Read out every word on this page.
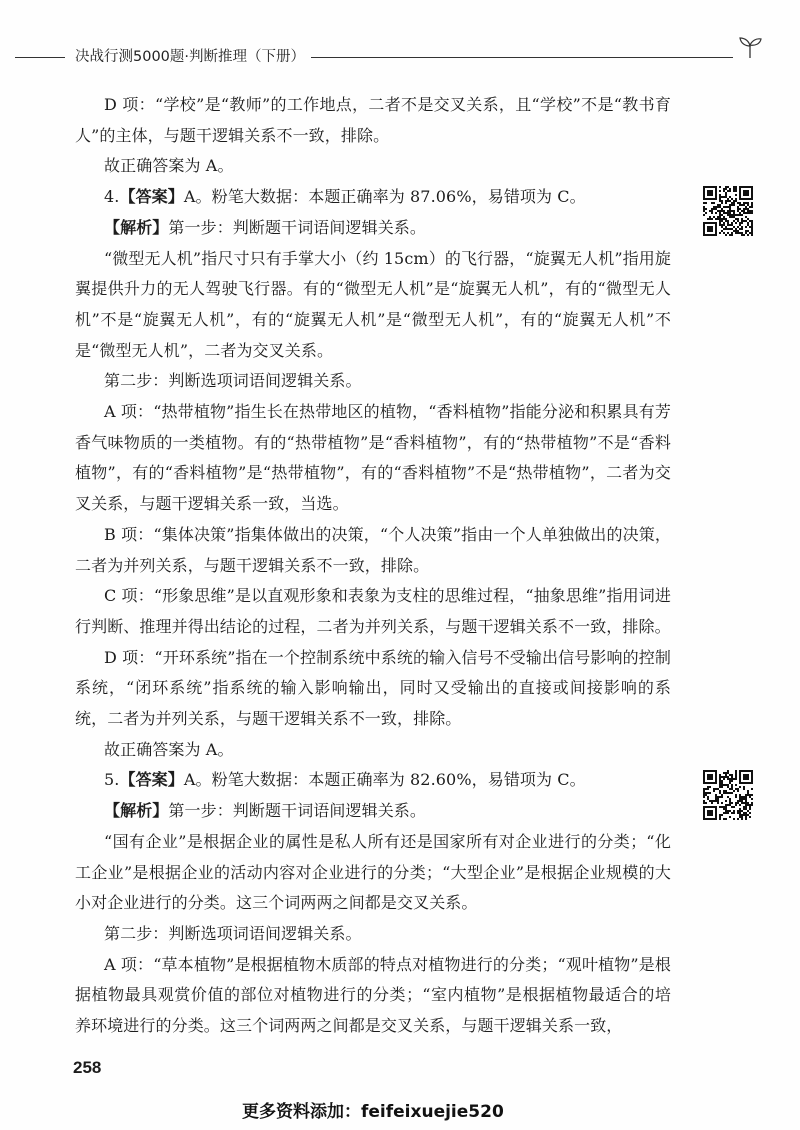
决战行测5000题·判断推理（下册）

D 项：“学校”是“教师”的工作地点，二者不是交叉关系，且“学校”不是“教书育人”的主体，与题干逻辑关系不一致，排除。

故正确答案为 A。

4.【答案】A。粉笔大数据：本题正确率为 87.06%，易错项为 C。

【解析】第一步：判断题干词语间逻辑关系。

“微型无人机”指尺寸只有手掌大小（约 15cm）的飞行器，“旋翼无人机”指用旋翼提供升力的无人驾驶飞行器。有的“微型无人机”是“旋翼无人机”，有的“微型无人机”不是“旋翼无人机”，有的“旋翼无人机”是“微型无人机”，有的“旋翼无人机”不是“微型无人机”，二者为交叉关系。

第二步：判断选项词语间逻辑关系。

A 项：“热带植物”指生长在热带地区的植物，“香料植物”指能分泌和积累具有芳香气味物质的一类植物。有的“热带植物”是“香料植物”，有的“热带植物”不是“香料植物”，有的“香料植物”是“热带植物”，有的“香料植物”不是“热带植物”，二者为交叉关系，与题干逻辑关系一致，当选。

B 项：“集体决策”指集体做出的决策，“个人决策”指由一个人单独做出的决策，二者为并列关系，与题干逻辑关系不一致，排除。

C 项：“形象思维”是以直观形象和表象为支柱的思维过程，“抽象思维”指用词进行判断、推理并得出结论的过程，二者为并列关系，与题干逻辑关系不一致，排除。

D 项：“开环系统”指在一个控制系统中系统的输入信号不受输出信号影响的控制系统，“闭环系统”指系统的输入影响输出，同时又受输出的直接或间接影响的系统，二者为并列关系，与题干逻辑关系不一致，排除。

故正确答案为 A。

5.【答案】A。粉笔大数据：本题正确率为 82.60%，易错项为 C。

【解析】第一步：判断题干词语间逻辑关系。

“国有企业”是根据企业的属性是私人所有还是国家所有对企业进行的分类；“化工企业”是根据企业的活动内容对企业进行的分类；“大型企业”是根据企业规模的大小对企业进行的分类。这三个词两两之间都是交叉关系。

第二步：判断选项词语间逻辑关系。

A 项：“草本植物”是根据植物木质部的特点对植物进行的分类；“观叶植物”是根据植物最具观赏价值的部位对植物进行的分类；“室内植物”是根据植物最适合的培养环境进行的分类。这三个词两两之间都是交叉关系，与题干逻辑关系一致，

258
更多资料添加：feifeixuejie520
